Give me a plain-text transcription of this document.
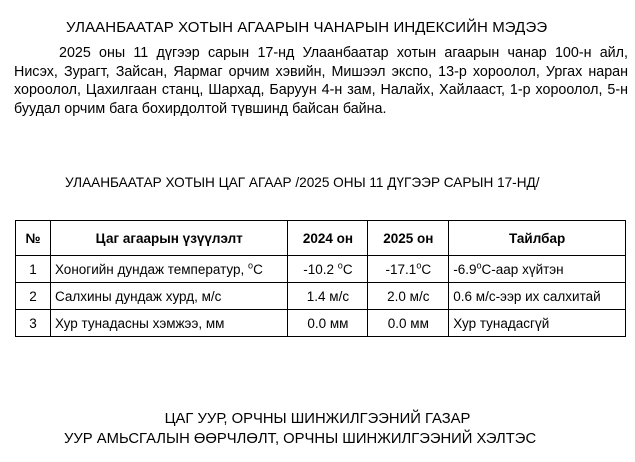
УЛААНБААТАР ХОТЫН АГААРЫН ЧАНАРЫН ИНДЕКСИЙН МЭДЭЭ

2025 оны 11 дүгээр сарын 17-нд Улаанбаатар хотын агаарын чанар 100-н айл, Нисэх, Зурагт, Зайсан, Яармаг орчим хэвийн, Мишээл экспо, 13-р хороолол, Ургах наран хороолол, Цахилгаан станц, Шархад, Баруун 4-н зам, Налайх, Хайлааст, 1-р хороолол, 5-н буудал орчим бага бохирдолтой түвшинд байсан байна.

УЛААНБААТАР ХОТЫН ЦАГ АГААР /2025 ОНЫ 11 ДҮГЭЭР САРЫН 17-НД/
№	Цаг агаарын үзүүлэлт	2024 он	2025 он	Тайлбар
1	Хоногийн дундаж температур, $^o$C	-10.2 $^o$C	-17.1$^o$C	-6.9$^o$C-аар хүйтэн
2	Салхины дундаж хурд, м/с	1.4 м/с	2.0 м/с	0.6 м/с-ээр их салхитай
3	Хур тунадасны хэмжээ, мм	0.0 мм	0.0 мм	Хур тунадасгүй
ЦАГ УУР, ОРЧНЫ ШИНЖИЛГЭЭНИЙ ГАЗАР
УУР АМЬСГАЛЫН ӨӨРЧЛӨЛТ, ОРЧНЫ ШИНЖИЛГЭЭНИЙ ХЭЛТЭС
